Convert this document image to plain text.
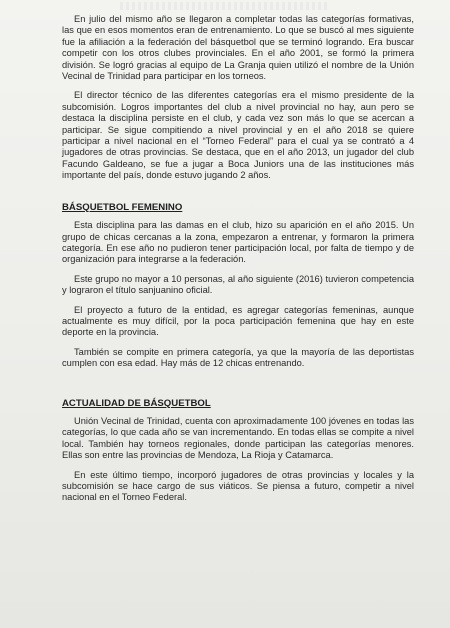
En julio del mismo año se llegaron a completar todas las categorías formativas, las que en esos momentos eran de entrenamiento. Lo que se buscó al mes siguiente fue la afiliación a la federación del básquetbol que se terminó logrando. Era buscar competir con los otros clubes provinciales. En el año 2001, se formó la primera división. Se logró gracias al equipo de La Granja quien utilizó el nombre de la Unión Vecinal de Trinidad para participar en los torneos.

El director técnico de las diferentes categorías era el mismo presidente de la subcomisión. Logros importantes del club a nivel provincial no hay, aun pero se destaca la disciplina persiste en el club, y cada vez son más lo que se acercan a participar. Se sigue compitiendo a nivel provincial y en el año 2018 se quiere participar a nivel nacional en el “Torneo Federal” para el cual ya se contrató a 4 jugadores de otras provincias. Se destaca, que en el año 2013, un jugador del club Facundo Galdeano, se fue a jugar a Boca Juniors una de las instituciones más importante del país, donde estuvo jugando 2 años.

BÁSQUETBOL FEMENINO

Esta disciplina para las damas en el club, hizo su aparición en el año 2015. Un grupo de chicas cercanas a la zona, empezaron a entrenar, y formaron la primera categoría. En ese año no pudieron tener participación local, por falta de tiempo y de organización para integrarse a la federación.

Este grupo no mayor a 10 personas, al año siguiente (2016) tuvieron competencia y lograron el título sanjuanino oficial.

El proyecto a futuro de la entidad, es agregar categorías femeninas, aunque actualmente es muy difícil, por la poca participación femenina que hay en este deporte en la provincia.

También se compite en primera categoría, ya que la mayoría de las deportistas cumplen con esa edad. Hay más de 12 chicas entrenando.

ACTUALIDAD DE BÁSQUETBOL

Unión Vecinal de Trinidad, cuenta con aproximadamente 100 jóvenes en todas las categorías, lo que cada año se van incrementando. En todas ellas se compite a nivel local. También hay torneos regionales, donde participan las categorías menores. Ellas son entre las provincias de Mendoza, La Rioja y Catamarca.

En este último tiempo, incorporó jugadores de otras provincias y locales y la subcomisión se hace cargo de sus viáticos. Se piensa a futuro, competir a nivel nacional en el Torneo Federal.
